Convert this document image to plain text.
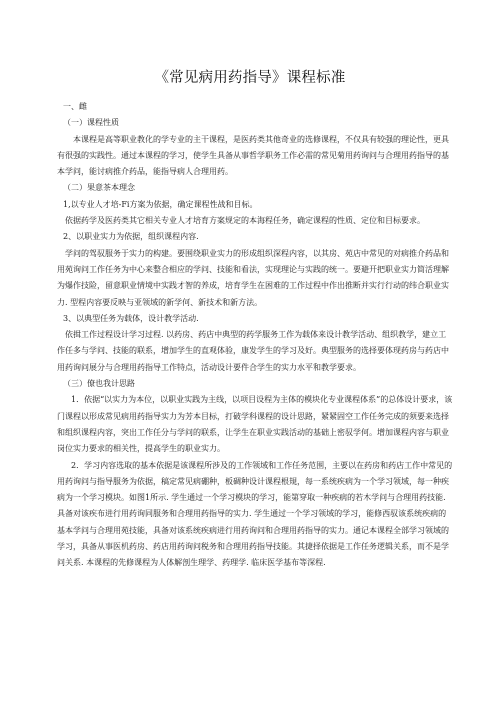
《常见病用药指导》课程标准

一、雌

（一）课程性质

本课程是高等职业教化的学专业的主干课程，是医药类其他奇业的选修课程，不仅具有较强的理论性，更具有很强的实践性。通过本课程的学习，使学生具备从事哲学职务工作必需的常见菊用药询问与合理用药指导的基本学问，能讨病推介药品，能指导病人合理用药。

（二）果意茶本理念

1,以专业人才培-Fi方案为依据，确定课程性战和目标。

依据药学及医药类其它相关专业人才培育方案规定的本海程任务，确定课程的性质、定位和目标要求。

2、以职业实力为依据，组织课程内容.

学问的驾驭服务于实力的构建。要围绕职业实力的形成组织深程内容，以其房、苑店中常见的对病推介药品和用苑询问工作任务为中心来整合相应的学问、技能和看法，实现理论与实践的统一。要避开把职业实力简活理解为爆作技险，留意职业情境中实践才智的养成，培育学生在困难的工作过程中作出推断并实行行动的纬合职业实力. 型程内容要反映与亚领域的新学何、新技术和新方法。

3、以典型任务为载体，设计教学活动.

依揖工作过程设计学习过程. 以药房、药店中典型的药学服务工作为载体来设计教学活动、组织教学，建立工作任多与学问、技能的联系，增加学生的直观体验，康发学生的学习及好。典型服务的选择要体现药房与药店中用药询问展分与合理用药指导工作特点，活动设计要件合学生的实力水平和教学要求。

（三）僚也我计思路

1．依据“以实力为本位，以职业实践为主线，以项目设程为主体的模块化专业课程体系”的总体设计要求，该门课程以形成常见病用药指导实力为芳本目标，打破学科课程的设计思路，紧紧固空工作任务完成的须要来选择和组织课程内容，突出工作任分与学问的联系，让学生在职业实践活动的基础上密驭学何。增加课程内容与职业岗位实力要求的相关性，提高学生的职业实力。

2．学习内容选取的基本依据是该课程所涉及的工作领域和工作任务范围，主要以在药房和药店工作中常见的用药询问与指导服务为依据，稿定常见病硼种，板碉种设计课程根規，每一系统疾病为一个学习领域，每一种疾病为一个学习模块。如图1所示. 学生通过一个学习模块的学习，能第穿取一种疾病的若木学问与合理用药技能. 具备对该疾布进行用药询同服务和合理用药指导的实力. 学生通过一个学习领域的学习，能修西驭该系统疾病的基本学问与合理用苑技能，具备对该系统疾病进行用药询问和合理用药指导的实力。通记本课程全部学习领域的学习，具备从事医机药房、药店用药询问税务和合理用药指导技能。其捷择依据是工作任务逻辑关系，而不是学问关系. 本课程的先修课程为人体解剖生理学、药理学. 临床医学基布等深程.
